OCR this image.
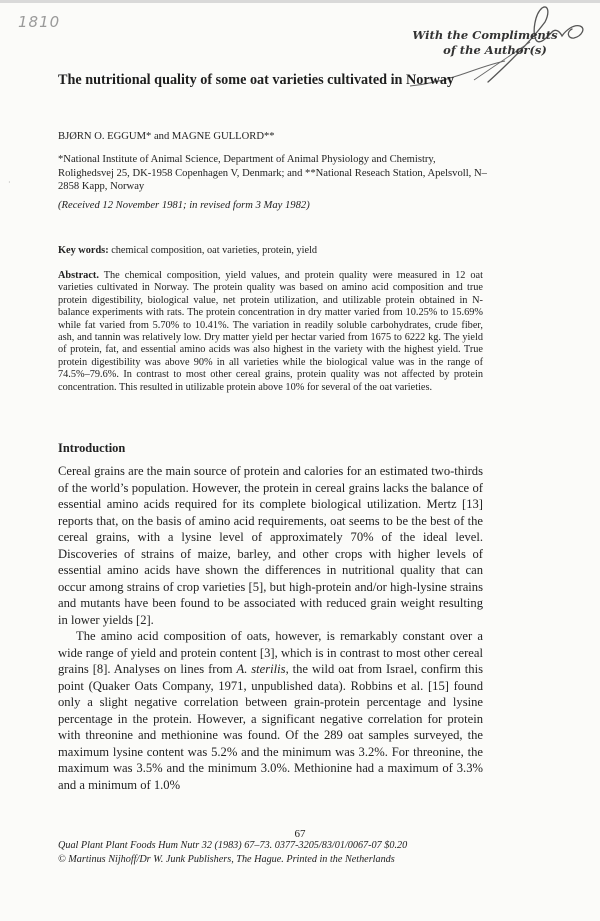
1810
·
With the Compliments
of the Author(s)
The nutritional quality of some oat varieties cultivated in Norway
BJØRN O. EGGUM* and MAGNE GULLORD**
*National Institute of Animal Science, Department of Animal Physiology and Chemistry, Rolighedsvej 25, DK-1958 Copenhagen V, Denmark; and **National Reseach Station, Apelsvoll, N–2858 Kapp, Norway
(Received 12 November 1981; in revised form 3 May 1982)
Key words: chemical composition, oat varieties, protein, yield
Abstract. The chemical composition, yield values, and protein quality were measured in 12 oat varieties cultivated in Norway. The protein quality was based on amino acid composition and true protein digestibility, biological value, net protein utilization, and utilizable protein obtained in N-balance experiments with rats. The protein concentration in dry matter varied from 10.25% to 15.69% while fat varied from 5.70% to 10.41%. The variation in readily soluble carbohydrates, crude fiber, ash, and tannin was relatively low. Dry matter yield per hectar varied from 1675 to 6222 kg. The yield of protein, fat, and essential amino acids was also highest in the variety with the highest yield. True protein digestibility was above 90% in all varieties while the biological value was in the range of 74.5%–79.6%. In contrast to most other cereal grains, protein quality was not affected by protein concentration. This resulted in utilizable protein above 10% for several of the oat varieties.
Introduction

Cereal grains are the main source of protein and calories for an estimated two-thirds of the world’s population. However, the protein in cereal grains lacks the balance of essential amino acids required for its complete biological utilization. Mertz [13] reports that, on the basis of amino acid requirements, oat seems to be the best of the cereal grains, with a lysine level of approximately 70% of the ideal level. Discoveries of strains of maize, barley, and other crops with higher levels of essential amino acids have shown the differences in nutritional quality that can occur among strains of crop varieties [5], but high-protein and/or high-lysine strains and mutants have been found to be associated with reduced grain weight resulting in lower yields [2].

The amino acid composition of oats, however, is remarkably constant over a wide range of yield and protein content [3], which is in contrast to most other cereal grains [8]. Analyses on lines from A. sterilis, the wild oat from Israel, confirm this point (Quaker Oats Company, 1971, unpublished data). Robbins et al. [15] found only a slight negative correlation between grain-protein percentage and lysine percentage in the protein. However, a significant negative correlation for protein with threonine and methionine was found. Of the 289 oat samples surveyed, the maximum lysine content was 5.2% and the minimum was 3.2%. For threonine, the maximum was 3.5% and the minimum 3.0%. Methionine had a maximum of 3.3% and a minimum of 1.0%

67
Qual Plant Plant Foods Hum Nutr 32 (1983) 67–73. 0377-3205/83/01/0067-07 $0.20
© Martinus Nijhoff/Dr W. Junk Publishers, The Hague. Printed in the Netherlands
